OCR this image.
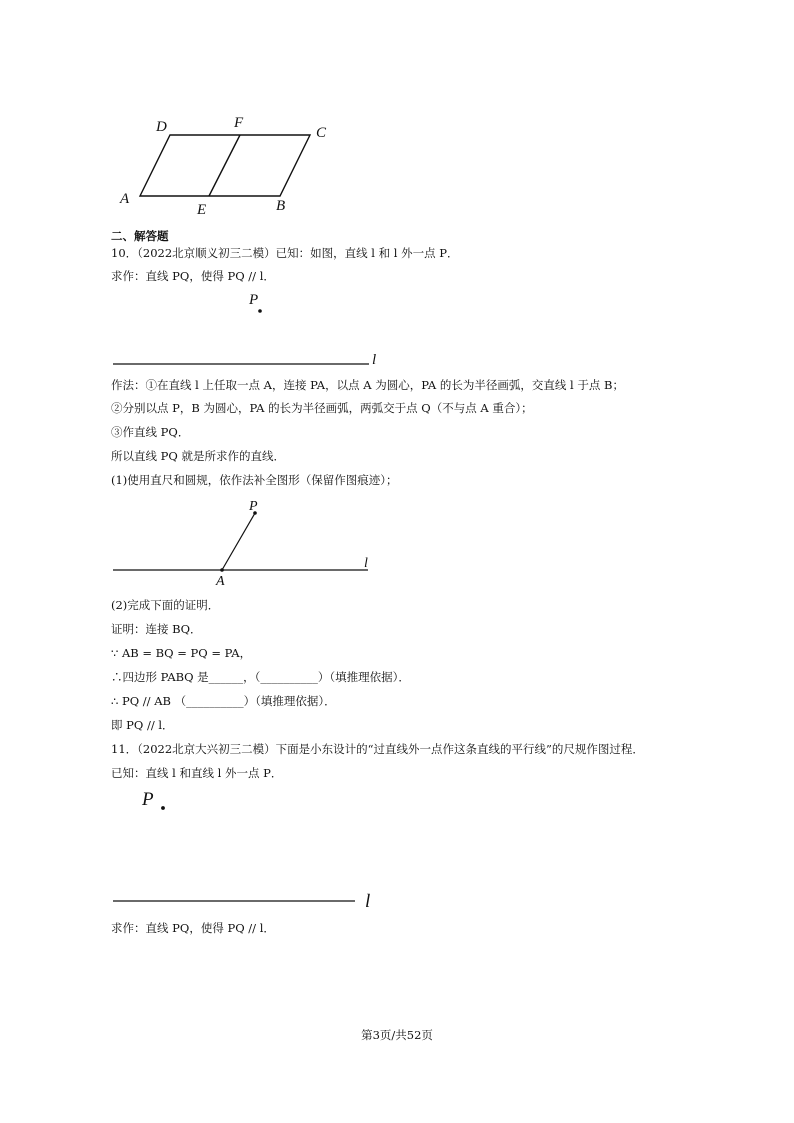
D	F
C
A
E	B
二、解答题
10．（2022北京顺义初三二模）已知：如图，直线 l 和 l 外一点 P．
求作：直线 PQ，使得 PQ // l．
P
l
作法：①在直线 l 上任取一点 A，连接 PA，以点 A 为圆心，PA 的长为半径画弧，交直线 l 于点 B；
②分别以点 P，B 为圆心，PA 的长为半径画弧，两弧交于点 Q（不与点 A 重合）；
③作直线 PQ．
所以直线 PQ 就是所求作的直线．
(1)使用直尺和圆规，依作法补全图形（保留作图痕迹）；
P
A
l
(2)完成下面的证明．
证明：连接 BQ．
∵ AB = BQ = PQ = PA，
∴四边形 PABQ 是______，（__________）（填推理依据）．
∴ PQ // AB （__________）（填推理依据）．
即 PQ // l．
11．（2022北京大兴初三二模）下面是小东设计的“过直线外一点作这条直线的平行线”的尺规作图过程．
已知：直线 l 和直线 l 外一点 P．
P
l
求作：直线 PQ，使得 PQ // l．
第3页/共52页
